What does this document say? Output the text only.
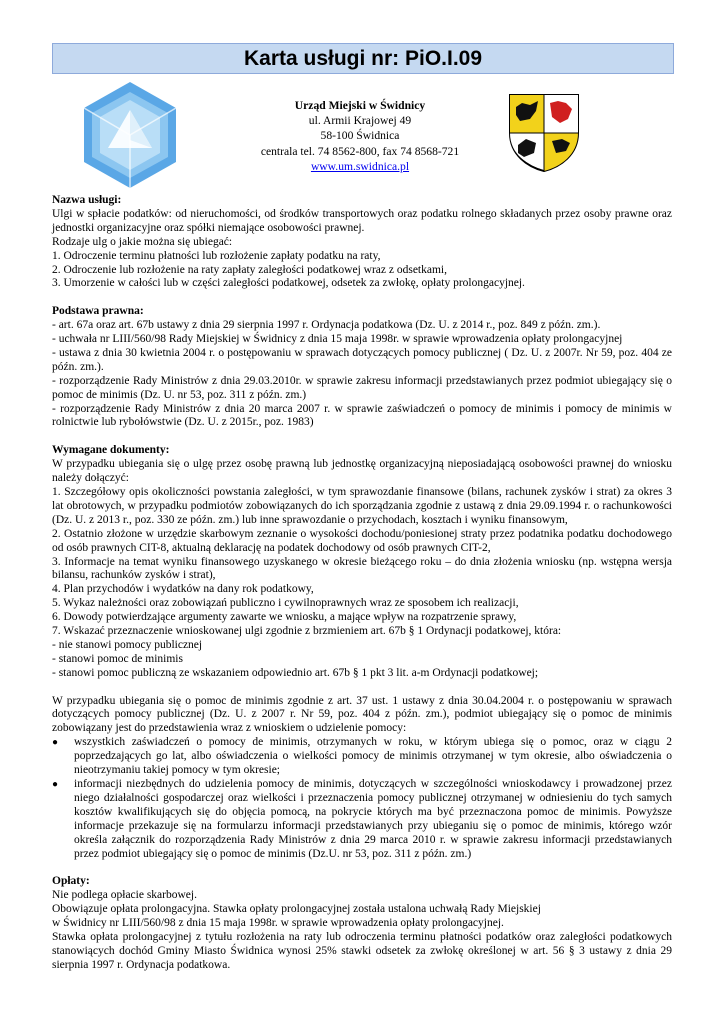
Karta usługi nr: PiO.I.09
Urząd Miejski w Świdnicy
ul. Armii Krajowej 49
58-100 Świdnica
centrala tel. 74 8562-800, fax 74 8568-721
www.um.swidnica.pl
Nazwa usługi:

Ulgi w spłacie podatków: od nieruchomości, od środków transportowych oraz podatku rolnego składanych przez osoby prawne oraz jednostki organizacyjne oraz spółki niemające osobowości prawnej.

Rodzaje ulg o jakie można się ubiegać:

1. Odroczenie terminu płatności lub rozłożenie zapłaty podatku na raty,

2. Odroczenie lub rozłożenie na raty zapłaty zaległości podatkowej wraz z odsetkami,

3. Umorzenie w całości lub w części zaległości podatkowej, odsetek za zwłokę, opłaty prolongacyjnej.

Podstawa prawna:

- art. 67a oraz art. 67b ustawy z dnia 29 sierpnia 1997 r. Ordynacja podatkowa (Dz. U. z 2014 r., poz. 849 z późn. zm.).

- uchwała nr LIII/560/98 Rady Miejskiej w Świdnicy z dnia 15 maja 1998r. w sprawie wprowadzenia opłaty prolongacyjnej

- ustawa z dnia 30 kwietnia 2004 r. o postępowaniu w sprawach dotyczących pomocy publicznej ( Dz. U. z 2007r. Nr 59, poz. 404 ze późn. zm.).

- rozporządzenie Rady Ministrów z dnia 29.03.2010r. w sprawie zakresu informacji przedstawianych przez podmiot ubiegający się o pomoc de minimis (Dz. U. nr 53, poz. 311 z późn. zm.)

- rozporządzenie Rady Ministrów z dnia 20 marca 2007 r. w sprawie zaświadczeń o pomocy de minimis i pomocy de minimis w rolnictwie lub rybołówstwie (Dz. U. z 2015r., poz. 1983)

Wymagane dokumenty:

W przypadku ubiegania się o ulgę przez osobę prawną lub jednostkę organizacyjną nieposiadającą osobowości prawnej do wniosku należy dołączyć:

1. Szczegółowy opis okoliczności powstania zaległości, w tym sprawozdanie finansowe (bilans, rachunek zysków i strat) za okres 3 lat obrotowych, w przypadku podmiotów zobowiązanych do ich sporządzania zgodnie z ustawą z dnia 29.09.1994 r. o rachunkowości (Dz. U. z 2013 r., poz. 330 ze późn. zm.) lub inne sprawozdanie o przychodach, kosztach i wyniku finansowym,

2. Ostatnio złożone w urzędzie skarbowym zeznanie o wysokości dochodu/poniesionej straty przez podatnika podatku dochodowego od osób prawnych CIT-8, aktualną deklarację na podatek dochodowy od osób prawnych CIT-2,

3. Informacje na temat wyniku finansowego uzyskanego w okresie bieżącego roku – do dnia złożenia wniosku (np. wstępna wersja bilansu, rachunków zysków i strat),

4. Plan przychodów i wydatków na dany rok podatkowy,

5. Wykaz należności oraz zobowiązań publiczno i cywilnoprawnych wraz ze sposobem ich realizacji,

6. Dowody potwierdzające argumenty zawarte we wniosku, a mające wpływ na rozpatrzenie sprawy,

7. Wskazać przeznaczenie wnioskowanej ulgi zgodnie z brzmieniem art. 67b § 1 Ordynacji podatkowej, która:

- nie stanowi pomocy publicznej

- stanowi pomoc de minimis

- stanowi pomoc publiczną ze wskazaniem odpowiednio art. 67b § 1 pkt 3 lit. a-m Ordynacji podatkowej;

W przypadku ubiegania się o pomoc de minimis zgodnie z art. 37 ust. 1 ustawy z dnia 30.04.2004 r. o postępowaniu w sprawach dotyczących pomocy publicznej (Dz. U. z 2007 r. Nr 59, poz. 404 z późn. zm.), podmiot ubiegający się o pomoc de minimis zobowiązany jest do przedstawienia wraz z wnioskiem o udzielenie pomocy:

●	wszystkich zaświadczeń o pomocy de minimis, otrzymanych w roku, w którym ubiega się o pomoc, oraz w ciągu 2 poprzedzających go lat, albo oświadczenia o wielkości pomocy de minimis otrzymanej w tym okresie, albo oświadczenia o nieotrzymaniu takiej pomocy w tym okresie;
●	informacji niezbędnych do udzielenia pomocy de minimis, dotyczących w szczególności wnioskodawcy i prowadzonej przez niego działalności gospodarczej oraz wielkości i przeznaczenia pomocy publicznej otrzymanej w odniesieniu do tych samych kosztów kwalifikujących się do objęcia pomocą, na pokrycie których ma być przeznaczona pomoc de minimis. Powyższe informacje przekazuje się na formularzu informacji przedstawianych przy ubieganiu się o pomoc de minimis, którego wzór określa załącznik do rozporządzenia Rady Ministrów z dnia 29 marca 2010 r. w sprawie zakresu informacji przedstawianych przez podmiot ubiegający się o pomoc de minimis (Dz.U. nr 53, poz. 311 z późn. zm.)
Opłaty:

Nie podlega opłacie skarbowej.

Obowiązuje opłata prolongacyjna. Stawka opłaty prolongacyjnej została ustalona uchwałą Rady Miejskiej

w Świdnicy nr LIII/560/98 z dnia 15 maja 1998r. w sprawie wprowadzenia opłaty prolongacyjnej.

Stawka opłata prolongacyjnej z tytułu rozłożenia na raty lub odroczenia terminu płatności podatków oraz zaległości podatkowych stanowiących dochód Gminy Miasto Świdnica wynosi 25% stawki odsetek za zwłokę określonej w art. 56 § 3 ustawy z dnia 29 sierpnia 1997 r. Ordynacja podatkowa.
